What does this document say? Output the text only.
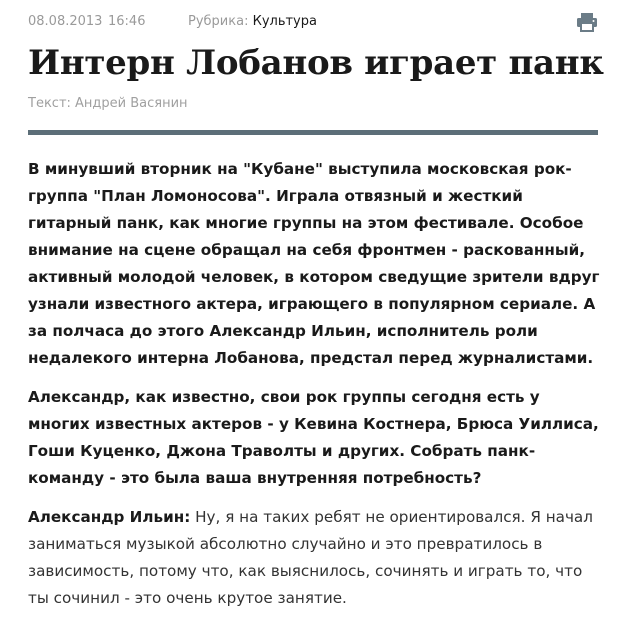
08.08.2013 16:46	Рубрика: Культура
Интерн Лобанов играет панк
Текст: Андрей Васянин

В минувший вторник на "Кубане" выступила московская рок-группа "План Ломоносова". Играла отвязный и жесткий гитарный панк, как многие группы на этом фестивале. Особое внимание на сцене обращал на себя фронтмен - раскованный, активный молодой человек, в котором сведущие зрители вдруг узнали известного актера, играющего в популярном сериале. А за полчаса до этого Александр Ильин, исполнитель роли недалекого интерна Лобанова, предстал перед журналистами.

Александр, как известно, свои рок группы сегодня есть у многих известных актеров - у Кевина Костнера, Брюса Уиллиса, Гоши Куценко, Джона Траволты и других. Собрать панк-команду - это была ваша внутренняя потребность?

Александр Ильин: Ну, я на таких ребят не ориентировался. Я начал заниматься музыкой абсолютно случайно и это превратилось в зависимость, потому что, как выяснилось, сочинять и играть то, что ты сочинил - это очень крутое занятие.
